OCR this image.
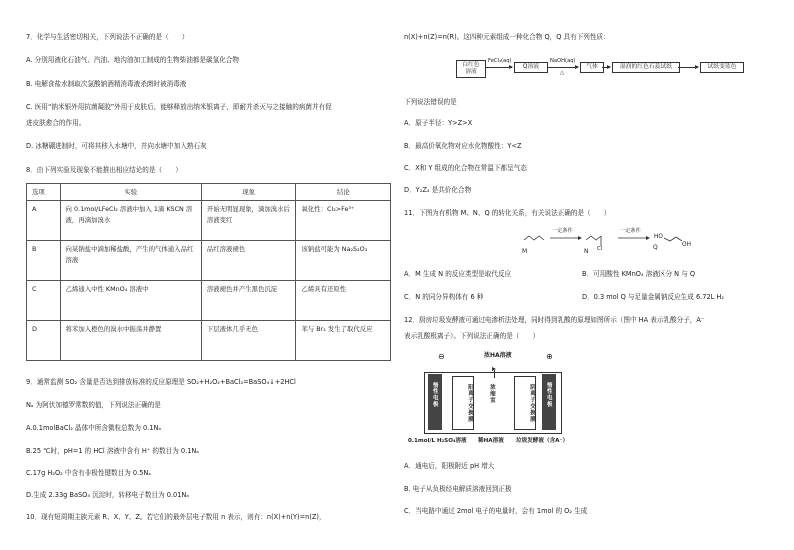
7．化学与生活密切相关，下列说法不正确的是（　　）
A. 分别用液化石油气、汽油、地沟油加工制成的生物柴油都是碳氢化合物
B. 电解食盐水制取次氯酸钠酒精消毒液杀菌时被消毒液
C. 医用“钠米银外用抗菌凝胶”外用于皮肤后，能够释放出纳米银离子，即耐并杀灭与之接触的病菌并有促
进皮肤愈合的作用。
D. 冰糖硼进制时，可将其移入水塘中，并向水塘中加入熟石灰
8．由下列实验及现象不能推出相应结论的是（　　）
选项	实验	现象	结论
A	向 0.1mol/LFeCl₂ 溶液中加入 1滴 KSCN 溶液，再滴加溴水	开始无明显现象，滴加溴水后溶液变红	氧化性：Cl₂>Fe³⁺
B	向某钠盐中滴加稀盐酸，产生的气体通入品红溶液	品红溶液褪色	该钠盐可能为 Na₂S₂O₃
C	乙烯通入中性 KMnO₄ 溶液中	溶液褪色并产生黑色沉淀	乙烯具有还原性
D	将苯加入橙色的溴水中振荡并静置	下层液体几乎无色	苯与 Br₂ 发生了取代反应
9．通常监测 SO₂ 含量是否达到排放标准的反应原理是 SO₂+H₂O₂+BaCl₂=BaSO₄↓+2HCl
Nₐ 为阿伏加德罗常数的值，下列说法正确的是
A.0.1molBaCl₂ 晶体中所含微粒总数为 0.1Nₐ
B.25 ℃时，pH=1 的 HCl 溶液中含有 H⁺ 的数目为 0.1Nₐ
C.17g H₂O₂ 中含有非极性键数目为 0.5Nₐ
D.生成 2.33g BaSO₄ 沉淀时，转移电子数目为 0.01Nₐ
10．现有短周期主族元素 R、X、Y、Z。若它们的最外层电子数用 n 表示，则有：n(X)+n(Y)=n(Z)，
n(X)+n(Z)=n(R)。这四种元素组成一种化合物 Q，Q 具有下列性质：
白红色
溶液
FeCl₃(aq)
Q溶液
NaOH(aq)
△
气体	湿润的红色石蕊试纸	试纸变蓝色
下列说法错误的是
A．原子半径：Y>Z>X
B．最高价氧化物对应水化物酸性：Y<Z
C．X和 Y 组成的化合物在常温下都呈气态
D．Y₂Z₄ 是共价化合物
11．下图为有机物 M、N、Q 的转化关系，有关说法正确的是（　　）
M
一定条件
N Cl
一定条件
HO
Q	OH
A．M 生成 N 的反应类型是取代反应	B．可用酸性 KMnO₄ 溶液区分 N 与 Q
C．N 的同分异构体有 6 种	D．0.3 mol Q 与足量金属钠反应生成 6.72L H₂
12．厨房垃圾发酵液可通过电渗析法处理，同时得到乳酸的原理如图所示（图中 HA 表示乳酸分子，A⁻
表示乳酸根离子）。下列说法正确的是（　　）
浓HA溶液
⊖	⊕
惰性电极	阳离子交换膜	浓缩室	阴离子交换膜 惰性电极
0.1mol/L H₂SO₄溶液 稀HA溶液 垃圾发酵液（含A⁻）
A．通电后，阳极附近 pH 增大
B. 电子从负极经电解质溶液回到正极
C．当电路中通过 2mol 电子的电量时，会有 1mol 的 O₂ 生成
